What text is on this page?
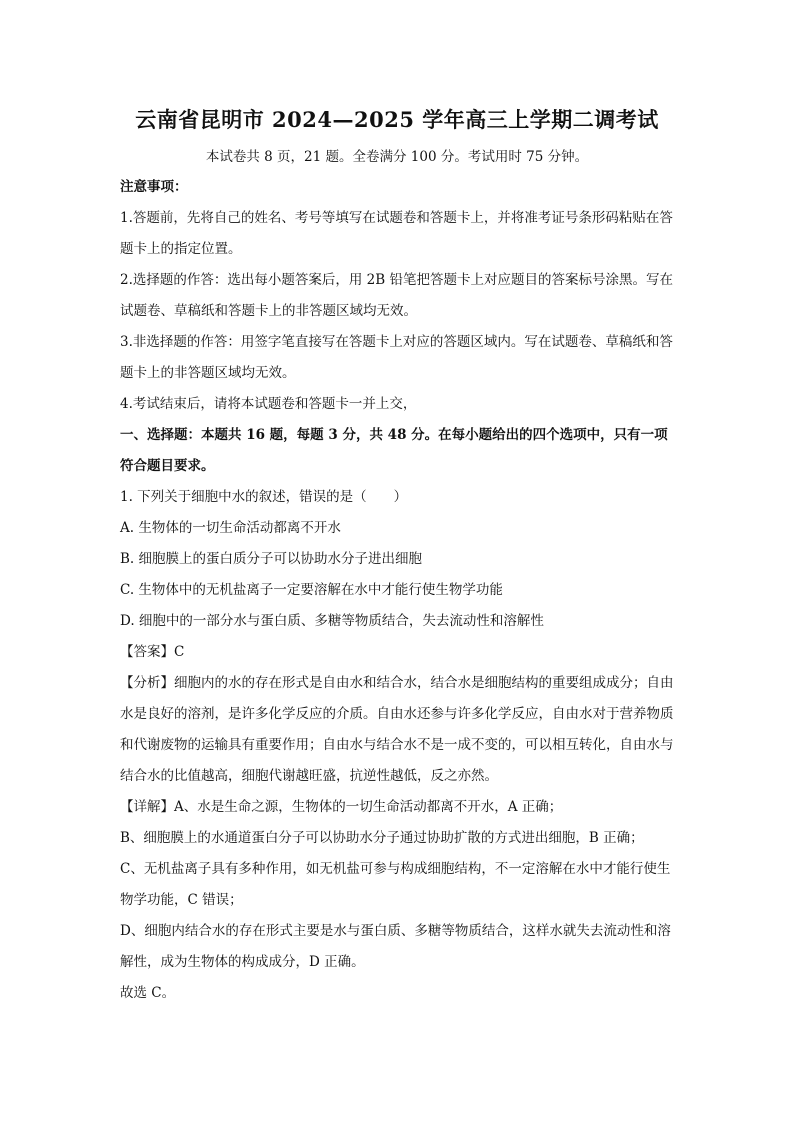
云南省昆明市 2024—2025 学年高三上学期二调考试
本试卷共 8 页，21 题。全卷满分 100 分。考试用时 75 分钟。

注意事项：

1.答题前，先将自己的姓名、考号等填写在试题卷和答题卡上，并将准考证号条形码粘贴在答题卡上的指定位置。

2.选择题的作答：选出每小题答案后，用 2B 铅笔把答题卡上对应题目的答案标号涂黑。写在试题卷、草稿纸和答题卡上的非答题区域均无效。

3.非选择题的作答：用签字笔直接写在答题卡上对应的答题区域内。写在试题卷、草稿纸和答题卡上的非答题区域均无效。

4.考试结束后，请将本试题卷和答题卡一并上交，

一、选择题：本题共 16 题，每题 3 分，共 48 分。在每小题给出的四个选项中，只有一项符合题目要求。

1. 下列关于细胞中水的叙述，错误的是（　　）

A. 生物体的一切生命活动都离不开水

B. 细胞膜上的蛋白质分子可以协助水分子进出细胞

C. 生物体中的无机盐离子一定要溶解在水中才能行使生物学功能

D. 细胞中的一部分水与蛋白质、多糖等物质结合，失去流动性和溶解性

【答案】C

【分析】细胞内的水的存在形式是自由水和结合水，结合水是细胞结构的重要组成成分；自由水是良好的溶剂，是许多化学反应的介质。自由水还参与许多化学反应，自由水对于营养物质和代谢废物的运输具有重要作用；自由水与结合水不是一成不变的，可以相互转化，自由水与结合水的比值越高，细胞代谢越旺盛，抗逆性越低，反之亦然。

【详解】A、水是生命之源，生物体的一切生命活动都离不开水，A 正确；

B、细胞膜上的水通道蛋白分子可以协助水分子通过协助扩散的方式进出细胞，B 正确；

C、无机盐离子具有多种作用，如无机盐可参与构成细胞结构，不一定溶解在水中才能行使生物学功能，C 错误；

D、细胞内结合水的存在形式主要是水与蛋白质、多糖等物质结合，这样水就失去流动性和溶解性，成为生物体的构成成分，D 正确。

故选 C。
